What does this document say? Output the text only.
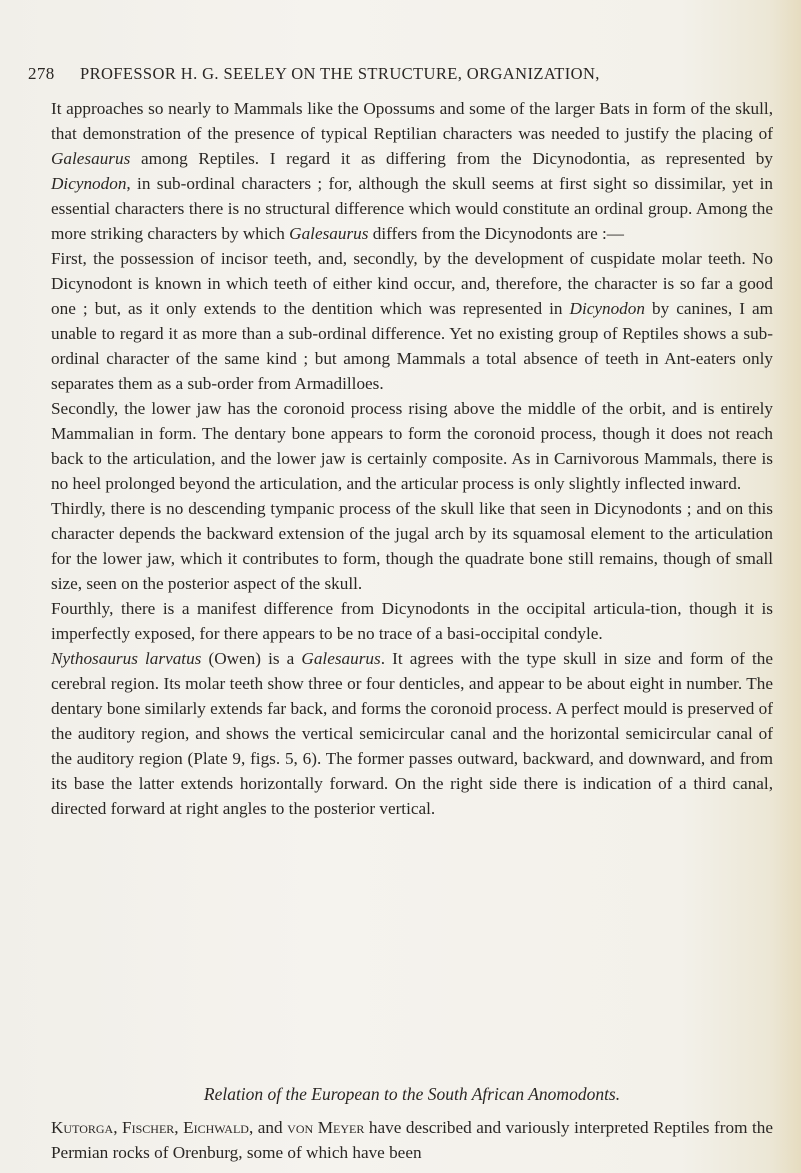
278 PROFESSOR H. G. SEELEY ON THE STRUCTURE, ORGANIZATION,

It approaches so nearly to Mammals like the Opossums and some of the larger Bats in form of the skull, that demonstration of the presence of typical Reptilian characters was needed to justify the placing of Galesaurus among Reptiles. I regard it as differing from the Dicynodontia, as represented by Dicynodon, in sub-ordinal characters ; for, although the skull seems at first sight so dissimilar, yet in essential characters there is no structural difference which would constitute an ordinal group. Among the more striking characters by which Galesaurus differs from the Dicynodonts are :—

First, the possession of incisor teeth, and, secondly, by the development of cuspidate molar teeth. No Dicynodont is known in which teeth of either kind occur, and, therefore, the character is so far a good one ; but, as it only extends to the dentition which was represented in Dicynodon by canines, I am unable to regard it as more than a sub-ordinal difference. Yet no existing group of Reptiles shows a sub-ordinal character of the same kind ; but among Mammals a total absence of teeth in Ant-eaters only separates them as a sub-order from Armadilloes.

Secondly, the lower jaw has the coronoid process rising above the middle of the orbit, and is entirely Mammalian in form. The dentary bone appears to form the coronoid process, though it does not reach back to the articulation, and the lower jaw is certainly composite. As in Carnivorous Mammals, there is no heel prolonged beyond the articulation, and the articular process is only slightly inflected inward.

Thirdly, there is no descending tympanic process of the skull like that seen in Dicynodonts ; and on this character depends the backward extension of the jugal arch by its squamosal element to the articulation for the lower jaw, which it contributes to form, though the quadrate bone still remains, though of small size, seen on the posterior aspect of the skull.

Fourthly, there is a manifest difference from Dicynodonts in the occipital articula-tion, though it is imperfectly exposed, for there appears to be no trace of a basi-occipital condyle.

Nythosaurus larvatus (Owen) is a Galesaurus. It agrees with the type skull in size and form of the cerebral region. Its molar teeth show three or four denticles, and appear to be about eight in number. The dentary bone similarly extends far back, and forms the coronoid process. A perfect mould is preserved of the auditory region, and shows the vertical semicircular canal and the horizontal semicircular canal of the auditory region (Plate 9, figs. 5, 6). The former passes outward, backward, and downward, and from its base the latter extends horizontally forward. On the right side there is indication of a third canal, directed forward at right angles to the posterior vertical.

Relation of the European to the South African Anomodonts.

Kutorga, Fischer, Eichwald, and von Meyer have described and variously interpreted Reptiles from the Permian rocks of Orenburg, some of which have been
